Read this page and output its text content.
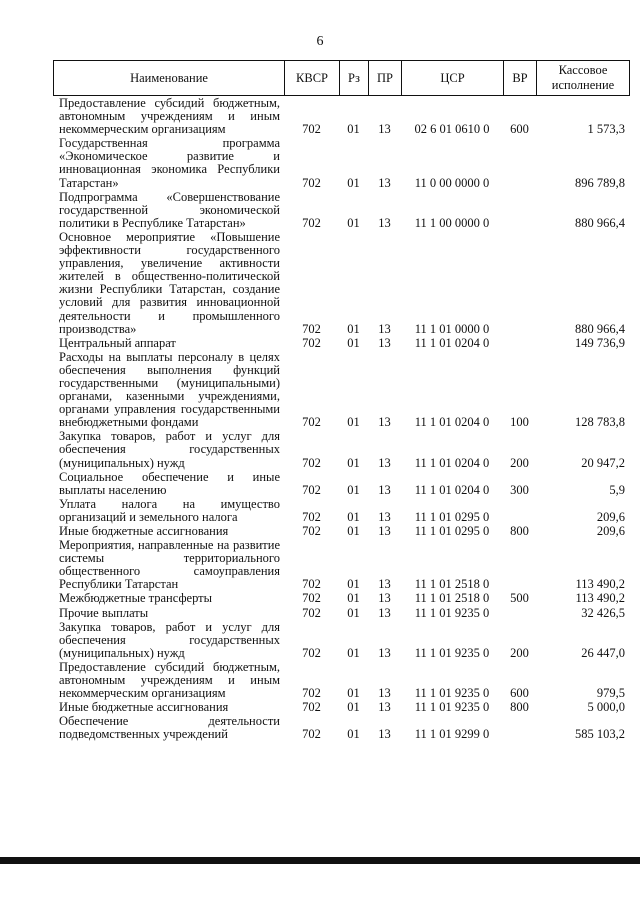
6
Наименование	КВСР	Рз	ПР	ЦСР	ВР	Кассовое исполнение
Предоставление субсидий бюджетным, автономным учреждениям и иным некоммерческим организациям	702	01	13	02 6 01 0610 0	600	1 573,3
Государственная программа «Экономическое развитие и инновационная экономика Республики Татарстан»	702	01	13	11 0 00 0000 0		896 789,8
Подпрограмма «Совершенствование государственной экономической политики в Республике Татарстан»	702	01	13	11 1 00 0000 0		880 966,4
Основное мероприятие «Повышение эффективности государственного управления, увеличение активности жителей в общественно-политической жизни Республики Татарстан, создание условий для развития инновационной деятельности и промышленного производства»	702	01	13	11 1 01 0000 0		880 966,4
Центральный аппарат	702	01	13	11 1 01 0204 0		149 736,9
Расходы на выплаты персоналу в целях обеспечения выполнения функций государственными (муниципальными) органами, казенными учреждениями, органами управления государственными внебюджетными фондами	702	01	13	11 1 01 0204 0	100	128 783,8
Закупка товаров, работ и услуг для обеспечения государственных (муниципальных) нужд	702	01	13	11 1 01 0204 0	200	20 947,2
Социальное обеспечение и иные выплаты населению	702	01	13	11 1 01 0204 0	300	5,9
Уплата налога на имущество организаций и земельного налога	702	01	13	11 1 01 0295 0		209,6
Иные бюджетные ассигнования	702	01	13	11 1 01 0295 0	800	209,6
Мероприятия, направленные на развитие системы территориального общественного самоуправления Республики Татарстан	702	01	13	11 1 01 2518 0		113 490,2
Межбюджетные трансферты	702	01	13	11 1 01 2518 0	500	113 490,2
Прочие выплаты	702	01	13	11 1 01 9235 0		32 426,5
Закупка товаров, работ и услуг для обеспечения государственных (муниципальных) нужд	702	01	13	11 1 01 9235 0	200	26 447,0
Предоставление субсидий бюджетным, автономным учреждениям и иным некоммерческим организациям	702	01	13	11 1 01 9235 0	600	979,5
Иные бюджетные ассигнования	702	01	13	11 1 01 9235 0	800	5 000,0
Обеспечение деятельности подведомственных учреждений	702	01	13	11 1 01 9299 0		585 103,2
